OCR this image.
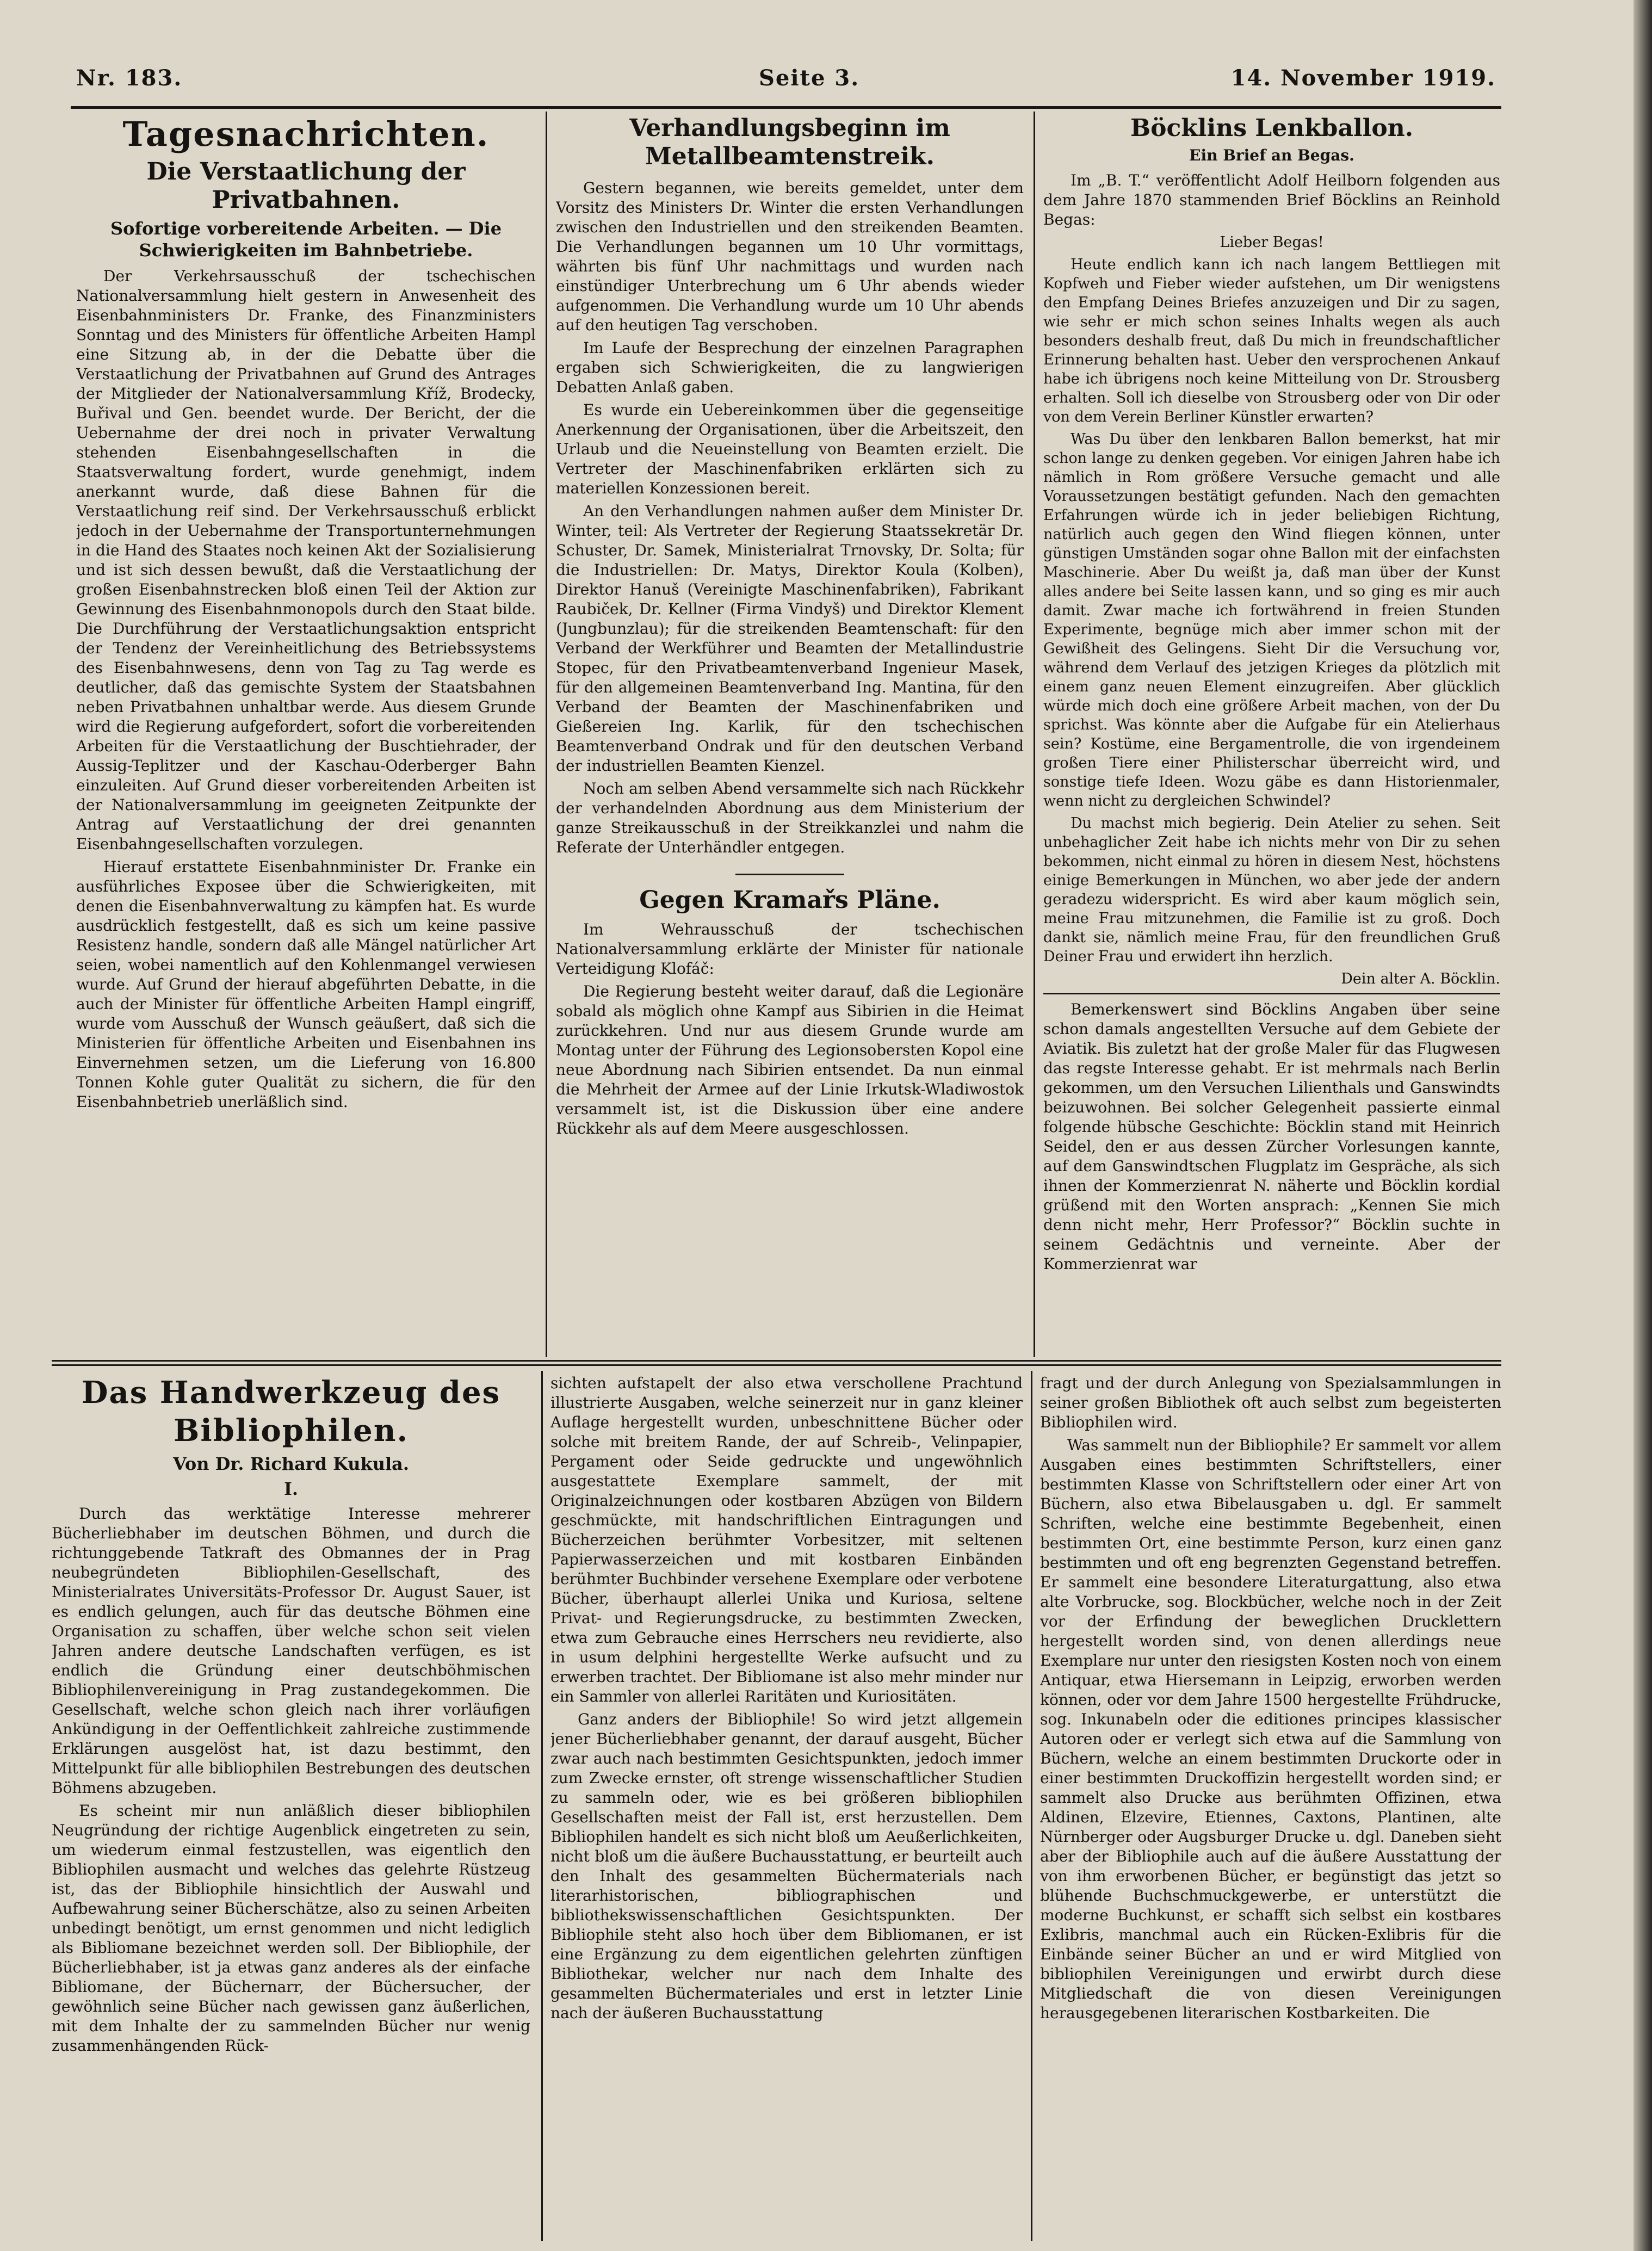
Nr. 183.	Seite 3.	14. November 1919.

Tagesnachrichten.

Die Verstaatlichung der Privatbahnen.

Sofortige vorbereitende Arbeiten. — Die Schwierigkeiten im Bahnbetriebe.

Der Verkehrsausschuß der tschechischen Nationalversammlung hielt gestern in Anwesenheit des Eisenbahnministers Dr. Franke, des Finanzministers Sonntag und des Ministers für öffentliche Arbeiten Hampl eine Sitzung ab, in der die Debatte über die Verstaatlichung der Privatbahnen auf Grund des Antrages der Mitglieder der Nationalversammlung Kříž, Brodecky, Buřival und Gen. beendet wurde. Der Bericht, der die Uebernahme der drei noch in privater Verwaltung stehenden Eisenbahngesellschaften in die Staatsverwaltung fordert, wurde genehmigt, indem anerkannt wurde, daß diese Bahnen für die Verstaatlichung reif sind. Der Verkehrsausschuß erblickt jedoch in der Uebernahme der Transportunternehmungen in die Hand des Staates noch keinen Akt der Sozialisierung und ist sich dessen bewußt, daß die Verstaatlichung der großen Eisenbahnstrecken bloß einen Teil der Aktion zur Gewinnung des Eisenbahnmonopols durch den Staat bilde. Die Durchführung der Verstaatlichungsaktion entspricht der Tendenz der Vereinheitlichung des Betriebssystems des Eisenbahnwesens, denn von Tag zu Tag werde es deutlicher, daß das gemischte System der Staatsbahnen neben Privatbahnen unhaltbar werde. Aus diesem Grunde wird die Regierung aufgefordert, sofort die vorbereitenden Arbeiten für die Verstaatlichung der Buschtiehrader, der Aussig-Teplitzer und der Kaschau-Oderberger Bahn einzuleiten. Auf Grund dieser vorbereitenden Arbeiten ist der Nationalversammlung im geeigneten Zeitpunkte der Antrag auf Verstaatlichung der drei genannten Eisenbahngesellschaften vorzulegen.

Hierauf erstattete Eisenbahnminister Dr. Franke ein ausführliches Exposee über die Schwierigkeiten, mit denen die Eisenbahnverwaltung zu kämpfen hat. Es wurde ausdrücklich festgestellt, daß es sich um keine passive Resistenz handle, sondern daß alle Mängel natürlicher Art seien, wobei namentlich auf den Kohlenmangel verwiesen wurde. Auf Grund der hierauf abgeführten Debatte, in die auch der Minister für öffentliche Arbeiten Hampl eingriff, wurde vom Ausschuß der Wunsch geäußert, daß sich die Ministerien für öffentliche Arbeiten und Eisenbahnen ins Einvernehmen setzen, um die Lieferung von 16.800 Tonnen Kohle guter Qualität zu sichern, die für den Eisenbahnbetrieb unerläßlich sind.

Verhandlungsbeginn im Metallbeamtenstreik.

Gestern begannen, wie bereits gemeldet, unter dem Vorsitz des Ministers Dr. Winter die ersten Verhandlungen zwischen den Industriellen und den streikenden Beamten. Die Verhandlungen begannen um 10 Uhr vormittags, währten bis fünf Uhr nachmittags und wurden nach einstündiger Unterbrechung um 6 Uhr abends wieder aufgenommen. Die Verhandlung wurde um 10 Uhr abends auf den heutigen Tag verschoben.

Im Laufe der Besprechung der einzelnen Paragraphen ergaben sich Schwierigkeiten, die zu langwierigen Debatten Anlaß gaben.

Es wurde ein Uebereinkommen über die gegenseitige Anerkennung der Organisationen, über die Arbeitszeit, den Urlaub und die Neueinstellung von Beamten erzielt. Die Vertreter der Maschinenfabriken erklärten sich zu materiellen Konzessionen bereit.

An den Verhandlungen nahmen außer dem Minister Dr. Winter, teil: Als Vertreter der Regierung Staatssekretär Dr. Schuster, Dr. Samek, Ministerialrat Trnovsky, Dr. Solta; für die Industriellen: Dr. Matys, Direktor Koula (Kolben), Direktor Hanuš (Vereinigte Maschinenfabriken), Fabrikant Raubiček, Dr. Kellner (Firma Vindyš) und Direktor Klement (Jungbunzlau); für die streikenden Beamtenschaft: für den Verband der Werkführer und Beamten der Metallindustrie Stopec, für den Privatbeamtenverband Ingenieur Masek, für den allgemeinen Beamtenverband Ing. Mantina, für den Verband der Beamten der Maschinenfabriken und Gießereien Ing. Karlik, für den tschechischen Beamtenverband Ondrak und für den deutschen Verband der industriellen Beamten Kienzel.

Noch am selben Abend versammelte sich nach Rückkehr der verhandelnden Abordnung aus dem Ministerium der ganze Streikausschuß in der Streikkanzlei und nahm die Referate der Unterhändler entgegen.

Gegen Kramařs Pläne.

Im Wehrausschuß der tschechischen Nationalversammlung erklärte der Minister für nationale Verteidigung Klofáč:

Die Regierung besteht weiter darauf, daß die Legionäre sobald als möglich ohne Kampf aus Sibirien in die Heimat zurückkehren. Und nur aus diesem Grunde wurde am Montag unter der Führung des Legionsobersten Kopol eine neue Abordnung nach Sibirien entsendet. Da nun einmal die Mehrheit der Armee auf der Linie Irkutsk-Wladiwostok versammelt ist, ist die Diskussion über eine andere Rückkehr als auf dem Meere ausgeschlossen.

Böcklins Lenkballon.

Ein Brief an Begas.

Im „B. T.“ veröffentlicht Adolf Heilborn folgenden aus dem Jahre 1870 stammenden Brief Böcklins an Reinhold Begas:

Lieber Begas!

Heute endlich kann ich nach langem Bettliegen mit Kopfweh und Fieber wieder aufstehen, um Dir wenigstens den Empfang Deines Briefes anzuzeigen und Dir zu sagen, wie sehr er mich schon seines Inhalts wegen als auch besonders deshalb freut, daß Du mich in freundschaftlicher Erinnerung behalten hast. Ueber den versprochenen Ankauf habe ich übrigens noch keine Mitteilung von Dr. Strousberg erhalten. Soll ich dieselbe von Strousberg oder von Dir oder von dem Verein Berliner Künstler erwarten?

Was Du über den lenkbaren Ballon bemerkst, hat mir schon lange zu denken gegeben. Vor einigen Jahren habe ich nämlich in Rom größere Versuche gemacht und alle Voraussetzungen bestätigt gefunden. Nach den gemachten Erfahrungen würde ich in jeder beliebigen Richtung, natürlich auch gegen den Wind fliegen können, unter günstigen Umständen sogar ohne Ballon mit der einfachsten Maschinerie. Aber Du weißt ja, daß man über der Kunst alles andere bei Seite lassen kann, und so ging es mir auch damit. Zwar mache ich fortwährend in freien Stunden Experimente, begnüge mich aber immer schon mit der Gewißheit des Gelingens. Sieht Dir die Versuchung vor, während dem Verlauf des jetzigen Krieges da plötzlich mit einem ganz neuen Element einzugreifen. Aber glücklich würde mich doch eine größere Arbeit machen, von der Du sprichst. Was könnte aber die Aufgabe für ein Atelierhaus sein? Kostüme, eine Bergamentrolle, die von irgendeinem großen Tiere einer Philisterschar überreicht wird, und sonstige tiefe Ideen. Wozu gäbe es dann Historienmaler, wenn nicht zu dergleichen Schwindel?

Du machst mich begierig. Dein Atelier zu sehen. Seit unbehaglicher Zeit habe ich nichts mehr von Dir zu sehen bekommen, nicht einmal zu hören in diesem Nest, höchstens einige Bemerkungen in München, wo aber jede der andern geradezu widerspricht. Es wird aber kaum möglich sein, meine Frau mitzunehmen, die Familie ist zu groß. Doch dankt sie, nämlich meine Frau, für den freundlichen Gruß Deiner Frau und erwidert ihn herzlich.

Dein alter A. Böcklin.

Bemerkenswert sind Böcklins Angaben über seine schon damals angestellten Versuche auf dem Gebiete der Aviatik. Bis zuletzt hat der große Maler für das Flugwesen das regste Interesse gehabt. Er ist mehrmals nach Berlin gekommen, um den Versuchen Lilienthals und Ganswindts beizuwohnen. Bei solcher Gelegenheit passierte einmal folgende hübsche Geschichte: Böcklin stand mit Heinrich Seidel, den er aus dessen Zürcher Vorlesungen kannte, auf dem Ganswindtschen Flugplatz im Gespräche, als sich ihnen der Kommerzienrat N. näherte und Böcklin kordial grüßend mit den Worten ansprach: „Kennen Sie mich denn nicht mehr, Herr Professor?“ Böcklin suchte in seinem Gedächtnis und verneinte. Aber der Kommerzienrat war

Das Handwerkzeug des Bibliophilen.

Von Dr. Richard Kukula.

I.

Durch das werktätige Interesse mehrerer Bücherliebhaber im deutschen Böhmen, und durch die richtunggebende Tatkraft des Obmannes der in Prag neubegründeten Bibliophilen-Gesellschaft, des Ministerialrates Universitäts-Professor Dr. August Sauer, ist es endlich gelungen, auch für das deutsche Böhmen eine Organisation zu schaffen, über welche schon seit vielen Jahren andere deutsche Landschaften verfügen, es ist endlich die Gründung einer deutschböhmischen Bibliophilenvereinigung in Prag zustandegekommen. Die Gesellschaft, welche schon gleich nach ihrer vorläufigen Ankündigung in der Oeffentlichkeit zahlreiche zustimmende Erklärungen ausgelöst hat, ist dazu bestimmt, den Mittelpunkt für alle bibliophilen Bestrebungen des deutschen Böhmens abzugeben.

Es scheint mir nun anläßlich dieser bibliophilen Neugründung der richtige Augenblick eingetreten zu sein, um wiederum einmal festzustellen, was eigentlich den Bibliophilen ausmacht und welches das gelehrte Rüstzeug ist, das der Bibliophile hinsichtlich der Auswahl und Aufbewahrung seiner Bücherschätze, also zu seinen Arbeiten unbedingt benötigt, um ernst genommen und nicht lediglich als Bibliomane bezeichnet werden soll. Der Bibliophile, der Bücherliebhaber, ist ja etwas ganz anderes als der einfache Bibliomane, der Büchernarr, der Büchersucher, der gewöhnlich seine Bücher nach gewissen ganz äußerlichen, mit dem Inhalte der zu sammelnden Bücher nur wenig zusammenhängenden Rück-

sichten aufstapelt der also etwa verschollene Prachtund illustrierte Ausgaben, welche seinerzeit nur in ganz kleiner Auflage hergestellt wurden, unbeschnittene Bücher oder solche mit breitem Rande, der auf Schreib-, Velinpapier, Pergament oder Seide gedruckte und ungewöhnlich ausgestattete Exemplare sammelt, der mit Originalzeichnungen oder kostbaren Abzügen von Bildern geschmückte, mit handschriftlichen Eintragungen und Bücherzeichen berühmter Vorbesitzer, mit seltenen Papierwasserzeichen und mit kostbaren Einbänden berühmter Buchbinder versehene Exemplare oder verbotene Bücher, überhaupt allerlei Unika und Kuriosa, seltene Privat- und Regierungsdrucke, zu bestimmten Zwecken, etwa zum Gebrauche eines Herrschers neu revidierte, also in usum delphini hergestellte Werke aufsucht und zu erwerben trachtet. Der Bibliomane ist also mehr minder nur ein Sammler von allerlei Raritäten und Kuriositäten.

Ganz anders der Bibliophile! So wird jetzt allgemein jener Bücherliebhaber genannt, der darauf ausgeht, Bücher zwar auch nach bestimmten Gesichtspunkten, jedoch immer zum Zwecke ernster, oft strenge wissenschaftlicher Studien zu sammeln oder, wie es bei größeren bibliophilen Gesellschaften meist der Fall ist, erst herzustellen. Dem Bibliophilen handelt es sich nicht bloß um Aeußerlichkeiten, nicht bloß um die äußere Buchausstattung, er beurteilt auch den Inhalt des gesammelten Büchermaterials nach literarhistorischen, bibliographischen und bibliothekswissenschaftlichen Gesichtspunkten. Der Bibliophile steht also hoch über dem Bibliomanen, er ist eine Ergänzung zu dem eigentlichen gelehrten zünftigen Bibliothekar, welcher nur nach dem Inhalte des gesammelten Büchermateriales und erst in letzter Linie nach der äußeren Buchausstattung

fragt und der durch Anlegung von Spezialsammlungen in seiner großen Bibliothek oft auch selbst zum begeisterten Bibliophilen wird.

Was sammelt nun der Bibliophile? Er sammelt vor allem Ausgaben eines bestimmten Schriftstellers, einer bestimmten Klasse von Schriftstellern oder einer Art von Büchern, also etwa Bibelausgaben u. dgl. Er sammelt Schriften, welche eine bestimmte Begebenheit, einen bestimmten Ort, eine bestimmte Person, kurz einen ganz bestimmten und oft eng begrenzten Gegenstand betreffen. Er sammelt eine besondere Literaturgattung, also etwa alte Vorbrucke, sog. Blockbücher, welche noch in der Zeit vor der Erfindung der beweglichen Drucklettern hergestellt worden sind, von denen allerdings neue Exemplare nur unter den riesigsten Kosten noch von einem Antiquar, etwa Hiersemann in Leipzig, erworben werden können, oder vor dem Jahre 1500 hergestellte Frühdrucke, sog. Inkunabeln oder die editiones principes klassischer Autoren oder er verlegt sich etwa auf die Sammlung von Büchern, welche an einem bestimmten Druckorte oder in einer bestimmten Druckoffizin hergestellt worden sind; er sammelt also Drucke aus berühmten Offizinen, etwa Aldinen, Elzevire, Etiennes, Caxtons, Plantinen, alte Nürnberger oder Augsburger Drucke u. dgl. Daneben sieht aber der Bibliophile auch auf die äußere Ausstattung der von ihm erworbenen Bücher, er begünstigt das jetzt so blühende Buchschmuckgewerbe, er unterstützt die moderne Buchkunst, er schafft sich selbst ein kostbares Exlibris, manchmal auch ein Rücken-Exlibris für die Einbände seiner Bücher an und er wird Mitglied von bibliophilen Vereinigungen und erwirbt durch diese Mitgliedschaft die von diesen Vereinigungen herausgegebenen literarischen Kostbarkeiten. Die
